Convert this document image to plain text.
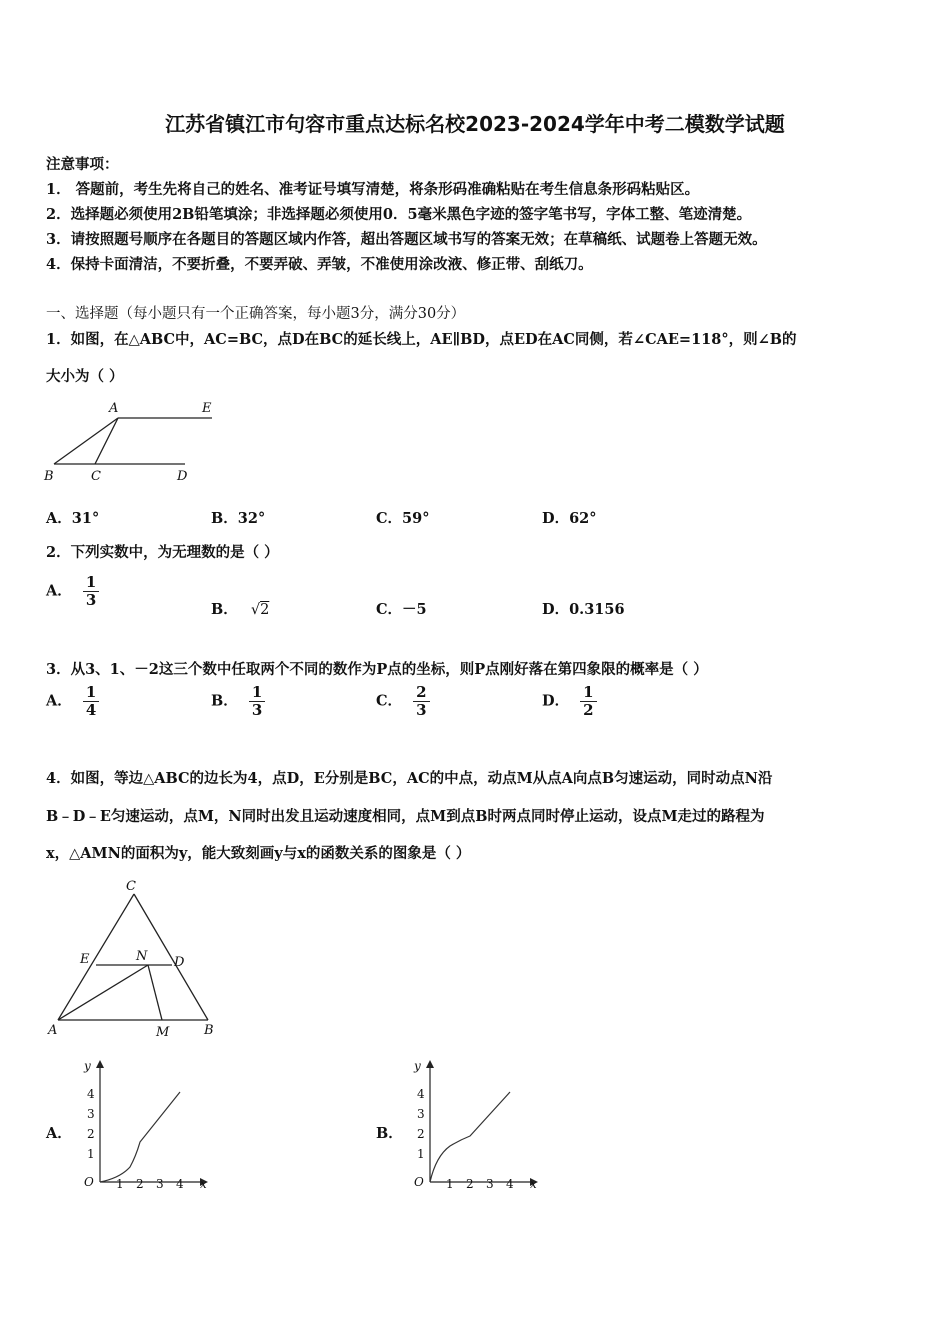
江苏省镇江市句容市重点达标名校2023-2024学年中考二模数学试题
注意事项：
1． 答题前，考生先将自己的姓名、准考证号填写清楚，将条形码准确粘贴在考生信息条形码粘贴区。
2．选择题必须使用2B铅笔填涂；非选择题必须使用0．5毫米黑色字迹的签字笔书写，字体工整、笔迹清楚。
3．请按照题号顺序在各题目的答题区域内作答，超出答题区域书写的答案无效；在草稿纸、试题卷上答题无效。
4．保持卡面清洁，不要折叠，不要弄破、弄皱，不准使用涂改液、修正带、刮纸刀。
一、选择题（每小题只有一个正确答案，每小题3分，满分30分）
1．如图，在△ABC中，AC=BC，点D在BC的延长线上，AE∥BD，点ED在AC同侧，若∠CAE=118°，则∠B的
大小为（ ）
A	E
B	C	D
A．31°	B．32°	C．59°	D．62°
2．下列实数中，为无理数的是（ ）
A． $\frac{1}{3}$
B． √2	C．－5	D．0.3156
3．从3、1、－2这三个数中任取两个不同的数作为P点的坐标，则P点刚好落在第四象限的概率是（ ）
A． $\frac{1}{4}$	B． $\frac{1}{3}$	C． $\frac{2}{3}$	D． $\frac{1}{2}$
4．如图，等边△ABC的边长为4，点D，E分别是BC，AC的中点，动点M从点A向点B匀速运动，同时动点N沿
B﹣D﹣E匀速运动，点M，N同时出发且运动速度相同，点M到点B时两点同时停止运动，设点M走过的路程为
x，△AMN的面积为y，能大致刻画y与x的函数关系的图象是（ ）
C
E	N D
A	M	B
A．
y
x
O
1
2
3
4
1 2 3 4
B．
y
x
O
1
2
3
4
1 2 3 4
